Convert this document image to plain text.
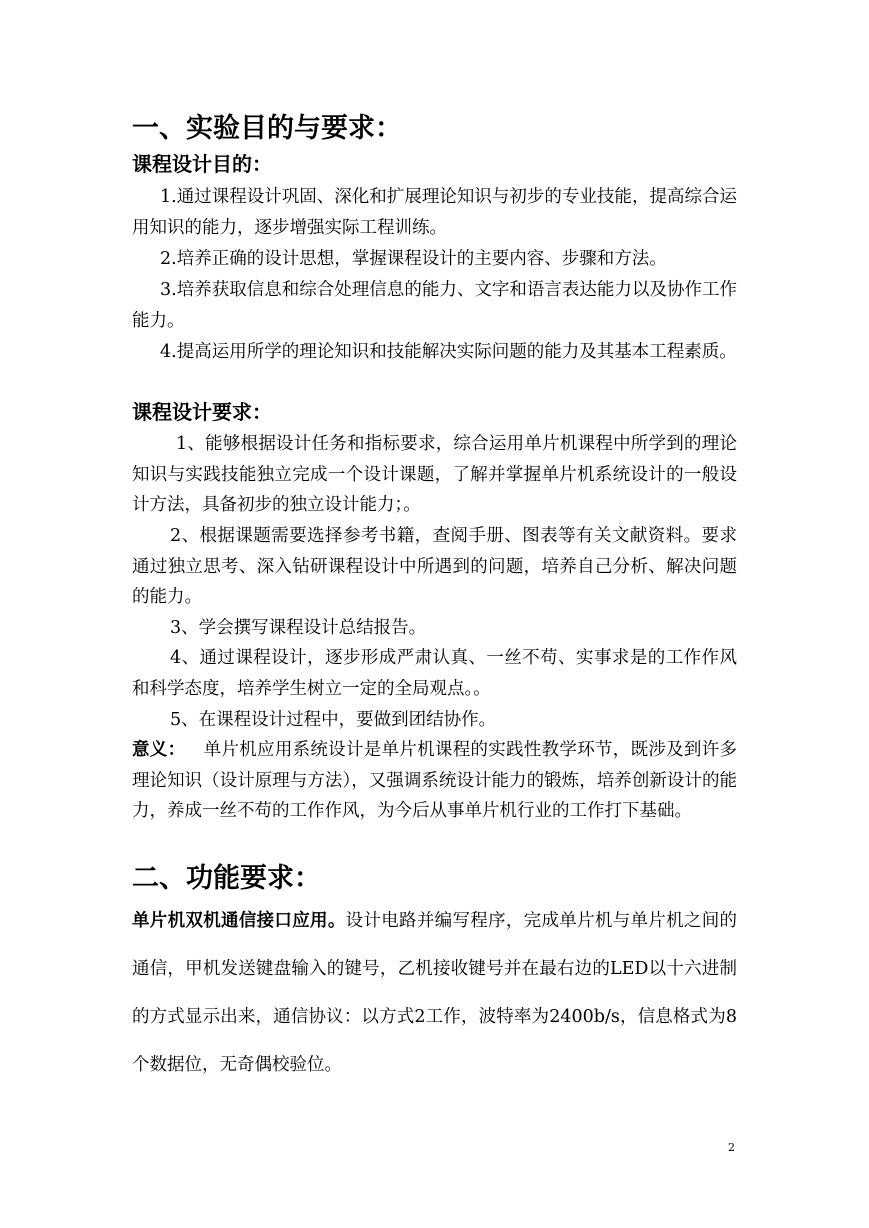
一、实验目的与要求：
课程设计目的：
1.通过课程设计巩固、深化和扩展理论知识与初步的专业技能，提高综合运用知识的能力，逐步增强实际工程训练。
2.培养正确的设计思想，掌握课程设计的主要内容、步骤和方法。
3.培养获取信息和综合处理信息的能力、文字和语言表达能力以及协作工作能力。
4.提高运用所学的理论知识和技能解决实际问题的能力及其基本工程素质。
课程设计要求：
1、能够根据设计任务和指标要求，综合运用单片机课程中所学到的理论知识与实践技能独立完成一个设计课题，了解并掌握单片机系统设计的一般设计方法，具备初步的独立设计能力；。
2、根据课题需要选择参考书籍，查阅手册、图表等有关文献资料。要求通过独立思考、深入钻研课程设计中所遇到的问题，培养自己分析、解决问题的能力。
3、学会撰写课程设计总结报告。
4、通过课程设计，逐步形成严肃认真、一丝不苟、实事求是的工作作风和科学态度，培养学生树立一定的全局观点。。
5、在课程设计过程中，要做到团结协作。
意义： 单片机应用系统设计是单片机课程的实践性教学环节，既涉及到许多理论知识（设计原理与方法），又强调系统设计能力的锻炼，培养创新设计的能力，养成一丝不苟的工作作风，为今后从事单片机行业的工作打下基础。
二、功能要求：
单片机双机通信接口应用。设计电路并编写程序，完成单片机与单片机之间的通信，甲机发送键盘输入的键号，乙机接收键号并在最右边的LED以十六进制的方式显示出来，通信协议：以方式2工作，波特率为2400b/s，信息格式为8个数据位，无奇偶校验位。
2
